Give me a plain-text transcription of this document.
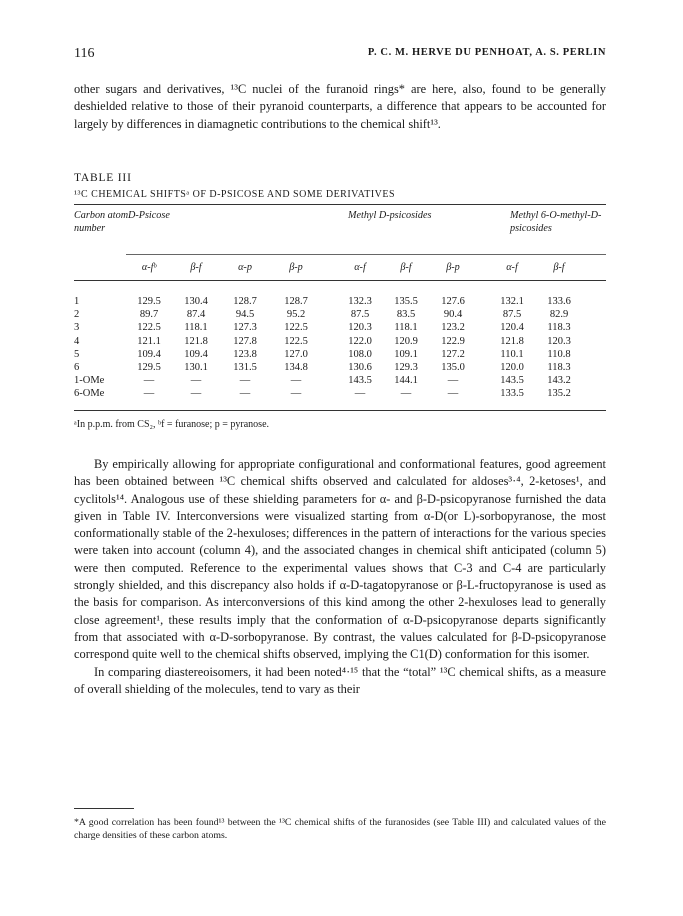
116	P. C. M. HERVE DU PENHOAT, A. S. PERLIN
other sugars and derivatives, ¹³C nuclei of the furanoid rings* are here, also, found to be generally deshielded relative to those of their pyranoid counterparts, a difference that appears to be accounted for largely by differences in diamagnetic contributions to the chemical shift¹³.
TABLE III
¹³C CHEMICAL SHIFTSᵃ OF D-PSICOSE AND SOME DERIVATIVES
Carbon atom number
D-Psicose	Methyl D-psicosides	Methyl 6-O-methyl-D-psicosides
α-fᵇ	β-f	α-p	β-p	α-f	β-f	β-p	α-f	β-f
1	129.5	130.4	128.7	128.7	132.3	135.5	127.6	132.1	133.6
2	89.7	87.4	94.5	95.2	87.5	83.5	90.4	87.5	82.9
3	122.5	118.1	127.3	122.5	120.3	118.1	123.2	120.4	118.3
4	121.1	121.8	127.8	122.5	122.0	120.9	122.9	121.8	120.3
5	109.4	109.4	123.8	127.0	108.0	109.1	127.2	110.1	110.8
6	129.5	130.1	131.5	134.8	130.6	129.3	135.0	120.0	118.3
1-OMe	—	—	—	—	143.5	144.1	—	143.5	143.2
6-OMe	—	—	—	—	—	—	—	133.5	135.2
ᵃIn p.p.m. from CS₂, ᵇf = furanose; p = pyranose.
By empirically allowing for appropriate configurational and conformational features, good agreement has been obtained between ¹³C chemical shifts observed and calculated for aldoses³·⁴, 2-ketoses¹, and cyclitols¹⁴. Analogous use of these shielding parameters for α- and β-D-psicopyranose furnished the data given in Table IV. Interconversions were visualized starting from α-D(or L)-sorbopyranose, the most conformationally stable of the 2-hexuloses; differences in the pattern of interactions for the various species were taken into account (column 4), and the associated changes in chemical shift anticipated (column 5) were then computed. Reference to the experimental values shows that C-3 and C-4 are particularly strongly shielded, and this discrepancy also holds if α-D-tagatopyranose or β-L-fructopyranose is used as the basis for comparison. As interconversions of this kind among the other 2-hexuloses lead to generally close agreement¹, these results imply that the conformation of α-D-psicopyranose departs significantly from that associated with α-D-sorbopyranose. By contrast, the values calculated for β-D-psicopyranose correspond quite well to the chemical shifts observed, implying the C1(D) conformation for this isomer.
In comparing diastereoisomers, it had been noted⁴·¹⁵ that the “total” ¹³C chemical shifts, as a measure of overall shielding of the molecules, tend to vary as their
*A good correlation has been found¹³ between the ¹³C chemical shifts of the furanosides (see Table III) and calculated values of the charge densities of these carbon atoms.
